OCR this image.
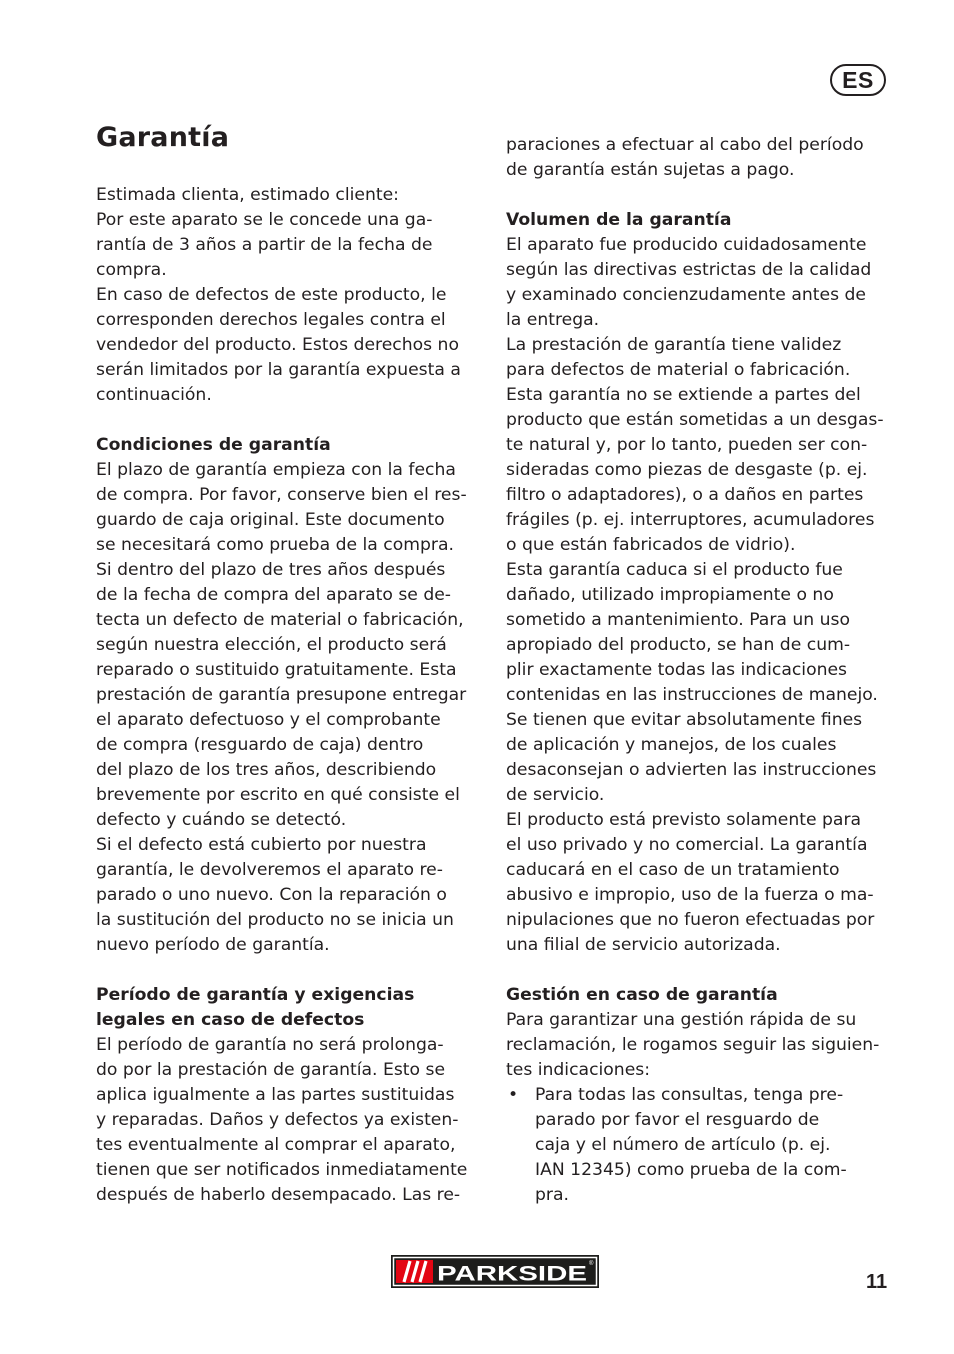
ES
Garantía
Estimada clienta, estimado cliente:
Por este aparato se le concede una ga-
rantía de 3 años a partir de la fecha de
compra.
En caso de defectos de este producto, le
corresponden derechos legales contra el
vendedor del producto. Estos derechos no
serán limitados por la garantía expuesta a
continuación.
Condiciones de garantía
El plazo de garantía empieza con la fecha
de compra. Por favor, conserve bien el res-
guardo de caja original. Este documento
se necesitará como prueba de la compra.
Si dentro del plazo de tres años después
de la fecha de compra del aparato se de-
tecta un defecto de material o fabricación,
según nuestra elección, el producto será
reparado o sustituido gratuitamente. Esta
prestación de garantía presupone entregar
el aparato defectuoso y el comprobante
de compra (resguardo de caja) dentro
del plazo de los tres años, describiendo
brevemente por escrito en qué consiste el
defecto y cuándo se detectó.
Si el defecto está cubierto por nuestra
garantía, le devolveremos el aparato re-
parado o uno nuevo. Con la reparación o
la sustitución del producto no se inicia un
nuevo período de garantía.
Período de garantía y exigencias
legales en caso de defectos
El período de garantía no será prolonga-
do por la prestación de garantía. Esto se
aplica igualmente a las partes sustituidas
y reparadas. Daños y defectos ya existen-
tes eventualmente al comprar el aparato,
tienen que ser notificados inmediatamente
después de haberlo desempacado. Las re-
paraciones a efectuar al cabo del período
de garantía están sujetas a pago.
Volumen de la garantía
El aparato fue producido cuidadosamente
según las directivas estrictas de la calidad
y examinado concienzudamente antes de
la entrega.
La prestación de garantía tiene validez
para defectos de material o fabricación.
Esta garantía no se extiende a partes del
producto que están sometidas a un desgas-
te natural y, por lo tanto, pueden ser con-
sideradas como piezas de desgaste (p. ej.
filtro o adaptadores), o a daños en partes
frágiles (p. ej. interruptores, acumuladores
o que están fabricados de vidrio).
Esta garantía caduca si el producto fue
dañado, utilizado impropiamente o no
sometido a mantenimiento. Para un uso
apropiado del producto, se han de cum-
plir exactamente todas las indicaciones
contenidas en las instrucciones de manejo.
Se tienen que evitar absolutamente fines
de aplicación y manejos, de los cuales
desaconsejan o advierten las instrucciones
de servicio.
El producto está previsto solamente para
el uso privado y no comercial. La garantía
caducará en el caso de un tratamiento
abusivo e impropio, uso de la fuerza o ma-
nipulaciones que no fueron efectuadas por
una filial de servicio autorizada.
Gestión en caso de garantía
Para garantizar una gestión rápida de su
reclamación, le rogamos seguir las siguien-
tes indicaciones:
• Para todas las consultas, tenga pre-
parado por favor el resguardo de
caja y el número de artículo (p. ej.
IAN 12345) como prueba de la com-
pra.
PARKSIDE ®
11
